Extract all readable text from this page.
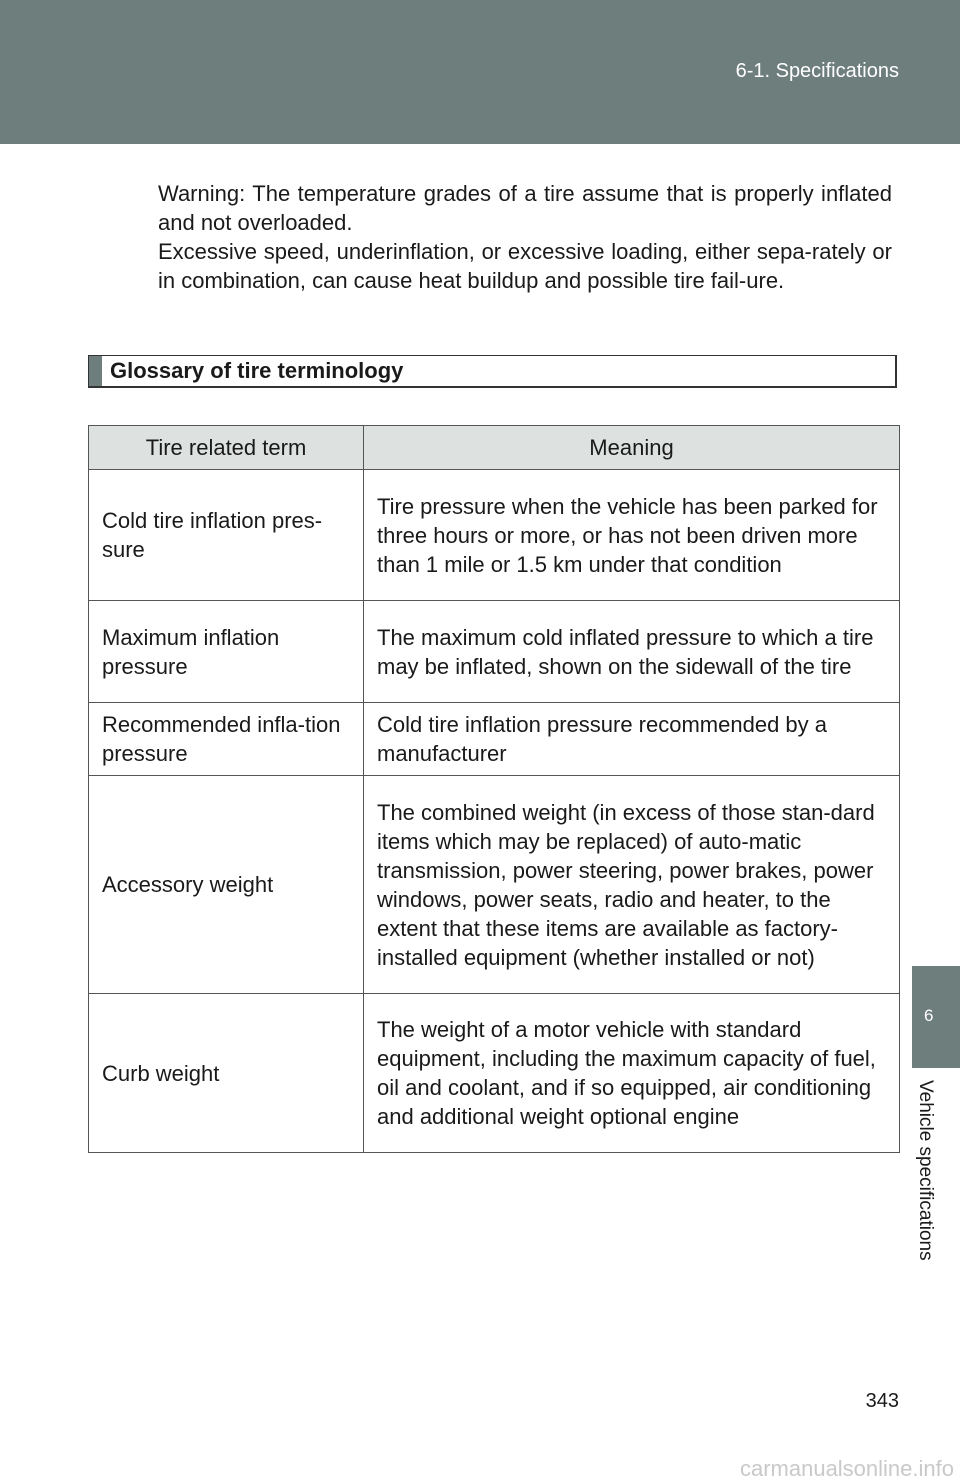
6-1. Specifications
Warning: The temperature grades of a tire assume that is properly inflated and not overloaded.
Excessive speed, underinflation, or excessive loading, either sepa-rately or in combination, can cause heat buildup and possible tire fail-ure.
Glossary of tire terminology
Tire related term	Meaning
Cold tire inflation pres-sure	Tire pressure when the vehicle has been parked for three hours or more, or has not been driven more than 1 mile or 1.5 km under that condition
Maximum inflation pressure	The maximum cold inflated pressure to which a tire may be inflated, shown on the sidewall of the tire
Recommended infla-tion pressure	Cold tire inflation pressure recommended by a manufacturer
Accessory weight	The combined weight (in excess of those stan-dard items which may be replaced) of auto-matic transmission, power steering, power brakes, power windows, power seats, radio and heater, to the extent that these items are available as factory-installed equipment (whether installed or not)
Curb weight	The weight of a motor vehicle with standard equipment, including the maximum capacity of fuel, oil and coolant, and if so equipped, air conditioning and additional weight optional engine
6
Vehicle specifications
343
carmanualsonline.info
